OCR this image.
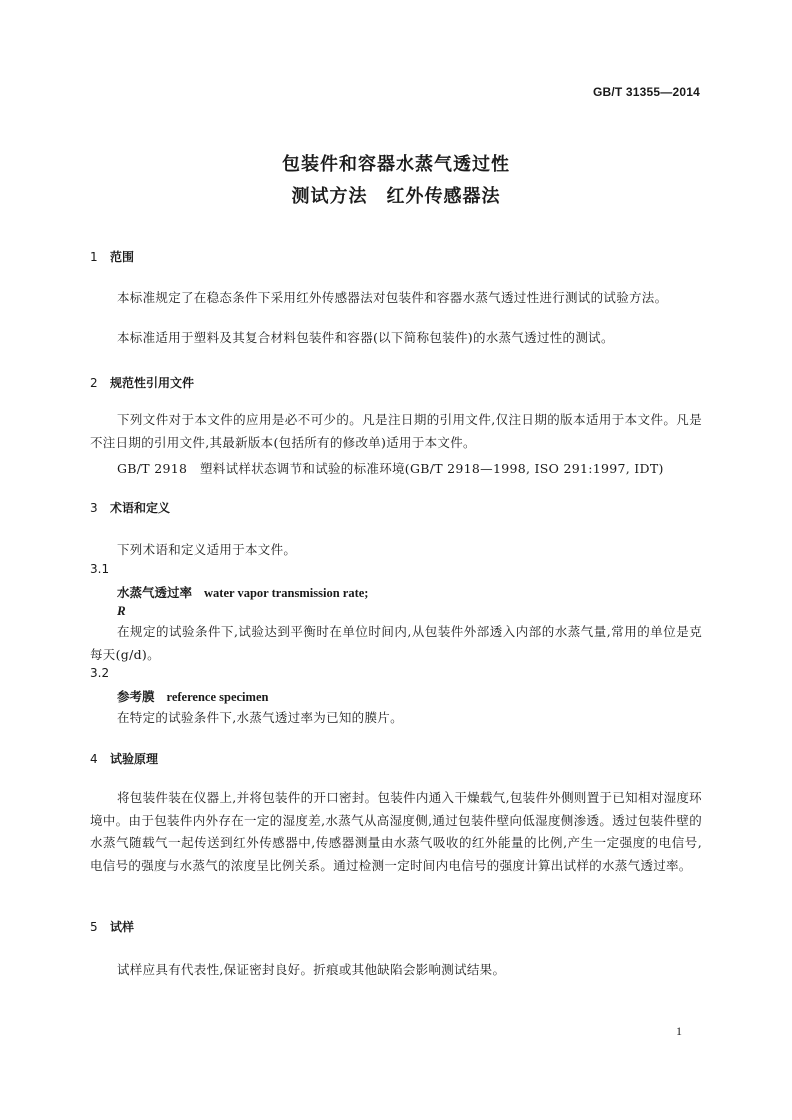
GB/T 31355—2014
包装件和容器水蒸气透过性
测试方法　红外传感器法
1 范围
本标准规定了在稳态条件下采用红外传感器法对包装件和容器水蒸气透过性进行测试的试验方法。
本标准适用于塑料及其复合材料包装件和容器(以下简称包装件)的水蒸气透过性的测试。
2 规范性引用文件
下列文件对于本文件的应用是必不可少的。凡是注日期的引用文件,仅注日期的版本适用于本文件。凡是不注日期的引用文件,其最新版本(包括所有的修改单)适用于本文件。
GB/T 2918　塑料试样状态调节和试验的标准环境(GB/T 2918—1998, ISO 291:1997, IDT)
3 术语和定义
下列术语和定义适用于本文件。
3.1
水蒸气透过率 water vapor transmission rate;
R
在规定的试验条件下,试验达到平衡时在单位时间内,从包装件外部透入内部的水蒸气量,常用的单位是克每天(g/d)。
3.2
参考膜 reference specimen
在特定的试验条件下,水蒸气透过率为已知的膜片。
4 试验原理
将包装件装在仪器上,并将包装件的开口密封。包装件内通入干燥载气,包装件外侧则置于已知相对湿度环境中。由于包装件内外存在一定的湿度差,水蒸气从高湿度侧,通过包装件壁向低湿度侧渗透。透过包装件壁的水蒸气随载气一起传送到红外传感器中,传感器测量由水蒸气吸收的红外能量的比例,产生一定强度的电信号,电信号的强度与水蒸气的浓度呈比例关系。通过检测一定时间内电信号的强度计算出试样的水蒸气透过率。
5 试样
试样应具有代表性,保证密封良好。折痕或其他缺陷会影响测试结果。
1
